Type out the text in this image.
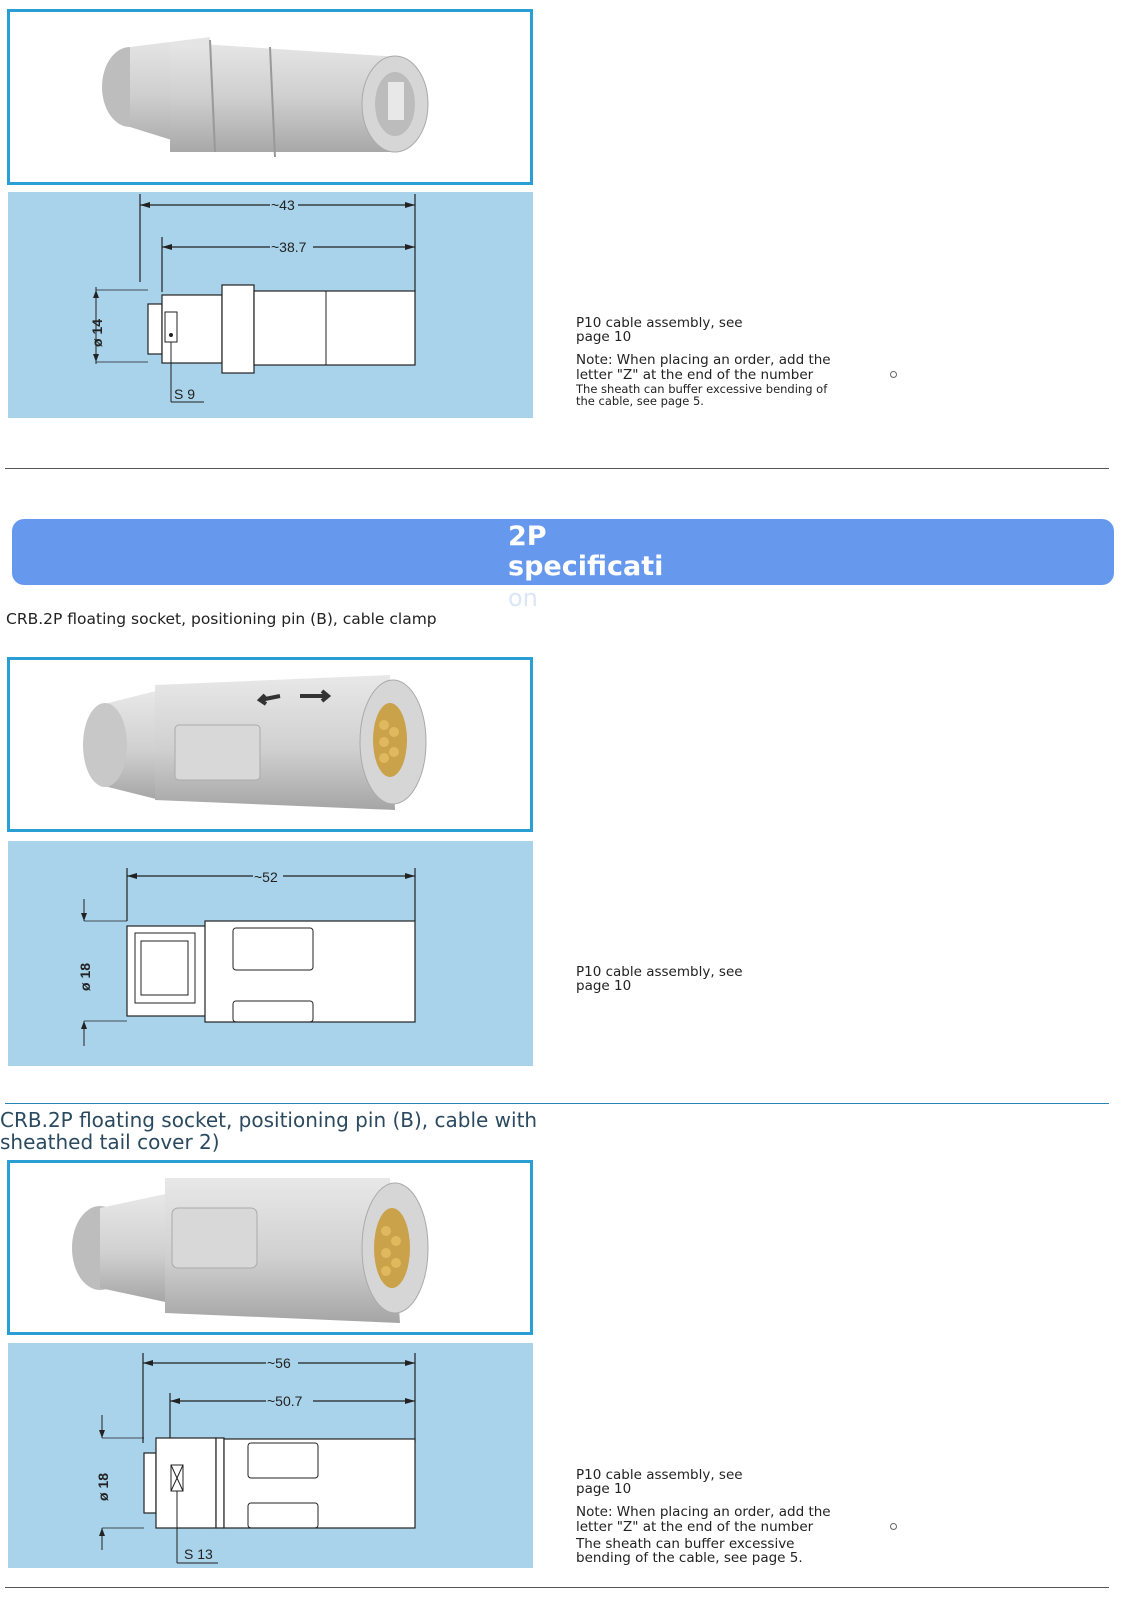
~43
~38.7
ø 14
S 9

P10 cable assembly, see page 10

Note: When placing an order, add the letter "Z" at the end of the number

The sheath can buffer excessive bending of the cable, see page 5.

2P
specificati
on
CRB.2P floating socket, positioning pin (B), cable clamp
~52
ø 18	P10 cable assembly, see page 10

CRB.2P floating socket, positioning pin (B), cable with sheathed tail cover 2)
~56
~50.7
ø 18
S 13

P10 cable assembly, see page 10

Note: When placing an order, add the letter "Z" at the end of the number

The sheath can buffer excessive bending of the cable, see page 5.
